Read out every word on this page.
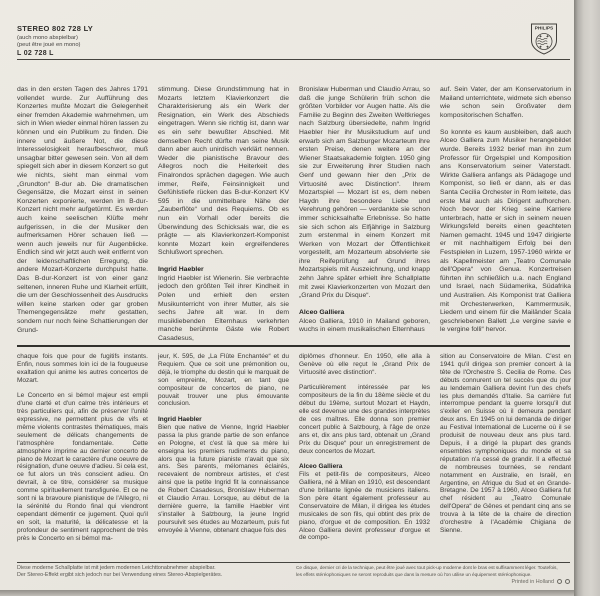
STEREO 802 728 LY
(auch mono abspielbar)
(peut être joué en mono)
L 02 728 L
PHILIPS

das in den ersten Tagen des Jahres 1791 vollendet wurde. Zur Aufführung des Konzertes mußte Mozart die Gelegenheit einer fremden Akademie wahrnehmen, um sich in Wien wieder einmal hören lassen zu können und ein Publikum zu finden. Die innere und äußere Not, die diese Interesselosigkeit heraufbeschwor, muß unsagbar bitter gewesen sein. Von all dem spiegelt sich aber in diesem Konzert so gut wie nichts, sieht man einmal vom „Grundton“ B-dur ab. Die dramatischen Gegensätze, die Mozart einst in seinen Konzerten exponierte, werden im B-dur-Konzert nicht mehr aufgetürmt. Es werden auch keine seelischen Klüfte mehr aufgerissen, in die der Musiker den aufmerksamen Hörer schauen ließ — wenn auch jeweils nur für Augenblicke. Endlich sind wir jetzt auch weit entfernt von der leidenschaftlichen Erregung, die andere Mozart-Konzerte durchpulst hatte. Das B-dur-Konzert ist von einer ganz seltenen, inneren Ruhe und Klarheit erfüllt, die um der Geschlossenheit des Ausdrucks willen keine starken oder gar groben Themengegensätze mehr gestatten, sondern nur noch feine Schattierungen der Grund-

stimmung. Diese Grundstimmung hat in Mozarts letztem Klavierkonzert die Charakterisierung als ein Werk der Resignation, ein Werk des Abschieds eingetragen. Wenn sie richtig ist, dann war es ein sehr bewußter Abschied. Mit demselben Recht dürfte man seine Musik dann aber auch unirdisch verklärt nennen. Weder die pianistische Bravour des Allegros noch die Heiterkeit des Finalrondos sprächen dagegen. Wie auch immer, Reife, Feinsinnigkeit und Gefühlstiefe rücken das B-dur-Konzert KV 595 in die unmittelbare Nähe der „Zauberflöte“ und des Requiems. Ob es nun ein Vorhall oder bereits die Überwindung des Schicksals war, die es prägte — als Klavierkonzert-Komponist konnte Mozart kein ergreifenderes Schlußwort sprechen.

Ingrid Haebler

Ingrid Haebler ist Wienerin. Sie verbrachte jedoch den größten Teil ihrer Kindheit in Polen und erhielt den ersten Musikunterricht von ihrer Mutter, als sie sechs Jahre alt war. In dem musikliebenden Elternhaus verkehrten manche berühmte Gäste wie Robert Casadesus,

Bronislaw Huberman und Claudio Arrau, so daß die junge Schülerin früh schon die größten Vorbilder vor Augen hatte. Als die Familie zu Beginn des Zweiten Weltkrieges nach Salzburg übersiedelte, nahm Ingrid Haebler hier ihr Musikstudium auf und erwarb sich am Salzburger Mozarteum ihre ersten Preise, denen weitere an der Wiener Staatsakademie folgten. 1950 ging sie zur Erweiterung ihrer Studien nach Genf und gewann hier den „Prix de Virtuosité avec Distinction“. Ihrem Mozartspiel — Mozart ist es, dem neben Haydn ihre besondere Liebe und Verehrung gehören — verdankte sie schon immer schicksalhafte Erlebnisse. So hatte sie sich schon als Elfjährige in Salzburg zum erstenmal in einem Konzert mit Werken von Mozart der Öffentlichkeit vorgestellt, am Mozarteum absolvierte sie ihre Reifeprüfung auf Grund ihres Mozartspiels mit Auszeichnung, und knapp zehn Jahre später erhielt ihre Schallplatte mit zwei Klavierkonzerten von Mozart den „Grand Prix du Disque“.

Alceo Galliera

Alceo Galliera, 1910 in Mailand geboren, wuchs in einem musikalischen Elternhaus

auf. Sein Vater, der am Konservatorium in Mailand unterrichtete, widmete sich ebenso wie schon sein Großvater dem kompositorischen Schaffen.

So konnte es kaum ausbleiben, daß auch Alceo Galliera zum Musiker herangebildet wurde. Bereits 1932 berief man ihn zum Professor für Orgelspiel und Komposition ans Konservatorium seiner Vaterstadt. Wirkte Galliera anfangs als Pädagoge und Komponist, so ließ er dann, als er das Santa Cecilia Orchester in Rom leitete, das erste Mal auch als Dirigent aufhorchen. Noch bevor der Krieg seine Karriere unterbrach, hatte er sich in seinem neuen Wirkungsfeld bereits einen geachteten Namen gemacht. 1945 und 1947 dirigierte er mit nachhaltigem Erfolg bei den Festspielen in Luzern, 1957-1960 wirkte er als Kapellmeister am „Teatro Comunale dell'Opera“ von Genua. Konzertreisen führten ihn schließlich u.a. nach England und Israel, nach Südamerika, Südafrika und Australien. Als Komponist trat Galliera mit Orchesterwerken, Kammermusik, Liedern und einem für die Mailänder Scala geschriebenen Ballett „Le vergine savie e le vergine folli“ hervor.

chaque fois que pour de fugitifs instants. Enfin, nous sommes loin ici de la fougueuse exaltation qui anime les autres concertos de Mozart.

Le Concerto en si bémol majeur est empli d'une clarté et d'un calme très intérieurs et très particuliers qui, afin de préserver l'unité expressive, ne permettent plus de vifs et même violents contrastes thématiques, mais seulement de délicats changements de l'atmosphère fondamentale. Cette atmosphère imprime au dernier concerto de piano de Mozart le caractère d'une oeuvre de résignation, d'une oeuvre d'adieu. Si cela est, ce fut alors un très conscient adieu. On devrait, à ce titre, considérer sa musique comme spirituellement transfigurée. Et ce ne sont ni la bravoure pianistique de l'Allegro, ni la sérénité du Rondo final qui viendront cependant démentir ce jugement. Quoi qu'il en soit, la maturité, la délicatesse et la profondeur de sentiment rapprochent de très près le Concerto en si bémol ma-

jeur, K. 595, de „La Flûte Enchantée“ et du Requiem. Que ce soit une prémonition ou, déjà, le triomphe du destin qui le marquait de son empreinte, Mozart, en tant que compositeur de concertos de piano, ne pouvait trouver une plus émouvante conclusion.

Ingrid Haebler

Bien que native de Vienne, Ingrid Haebler passa la plus grande partie de son enfance en Pologne, et c'est là que sa mère lui enseigna les premiers rudiments du piano, alors que la future pianiste n'avait que six ans. Ses parents, mélomanes éclairés, recevaient de nombreux artistes, et c'est ainsi que la petite Ingrid fit la connaissance de Robert Casadesus, Bronislaw Huberman et Claudio Arrau. Lorsque, au début de la dernière guerre, la famille Haebler vint s'installer à Salzbourg, la jeune Ingrid poursuivit ses études au Mozarteum, puis fut envoyée à Vienne, obtenant chaque fois des

diplômes d'honneur. En 1950, elle alla à Genève où elle reçut le „Grand Prix de Virtuosité avec distinction“.

Particulièrement intéressée par les compositeurs de la fin du 18ème siècle et du début du 19ème, surtout Mozart et Haydn, elle est devenue une des grandes interprètes de ces maîtres. Elle donna son premier concert public à Salzbourg, à l'âge de onze ans et, dix ans plus tard, obtenait un „Grand Prix du Disque“ pour un enregistrement de deux concertos de Mozart.

Alceo Galliera

Fils et petit-fils de compositeurs, Alceo Galliera, né à Milan en 1910, est descendant d'une brillante lignée de musiciens italiens. Son père étant également professeur au Conservatoire de Milan, il dirigea les études musicales de son fils, qui obtint des prix de piano, d'orgue et de composition. En 1932 Alceo Galliera devint professeur d'orgue et de compo-

sition au Conservatoire de Milan. C'est en 1941 qu'il dirigea son premier concert à la tête de l'Orchestre S. Cecilia de Rome. Ces débuts connurent un tel succès que du jour au lendemain Galliera devint l'un des chefs les plus demandés d'Italie. Sa carrière fut interrompue pendant la guerre lorsqu'il dut s'exiler en Suisse où il demeura pendant deux ans. En 1945 on lui demanda de diriger au Festival International de Lucerne où il se produisit de nouveau deux ans plus tard. Depuis, il a dirigé la plupart des grands ensembles symphoniques du monde et sa réputation n'a cessé de grandir. Il a effectué de nombreuses tournées, se rendant notamment en Australie, en Israël, en Argentine, en Afrique du Sud et en Grande-Bretagne. De 1957 à 1960, Alceo Galliera fut chef résident au „Teatro Comunale dell'Opera“ de Gênes et pendant cinq ans se trouva à la tête de la chaire de direction d'orchestre à l'Académie Chigiana de Sienne.

Diese moderne Schallplatte ist mit jedem modernen Leichttonabnehmer abspielbar.
Der Stereo-Effekt ergibt sich jedoch nur bei Verwendung eines Stereo-Abspielgerätes.
Ce disque, dernier cri de la technique, peut être joué avec tout pick-up moderne dont le bras est suffisamment léger. Toutefois,
les effets stéréophoniques ne seront reproduits que dans la mesure où l'on utilise un équipement stéréophonique.
Printed in Holland
